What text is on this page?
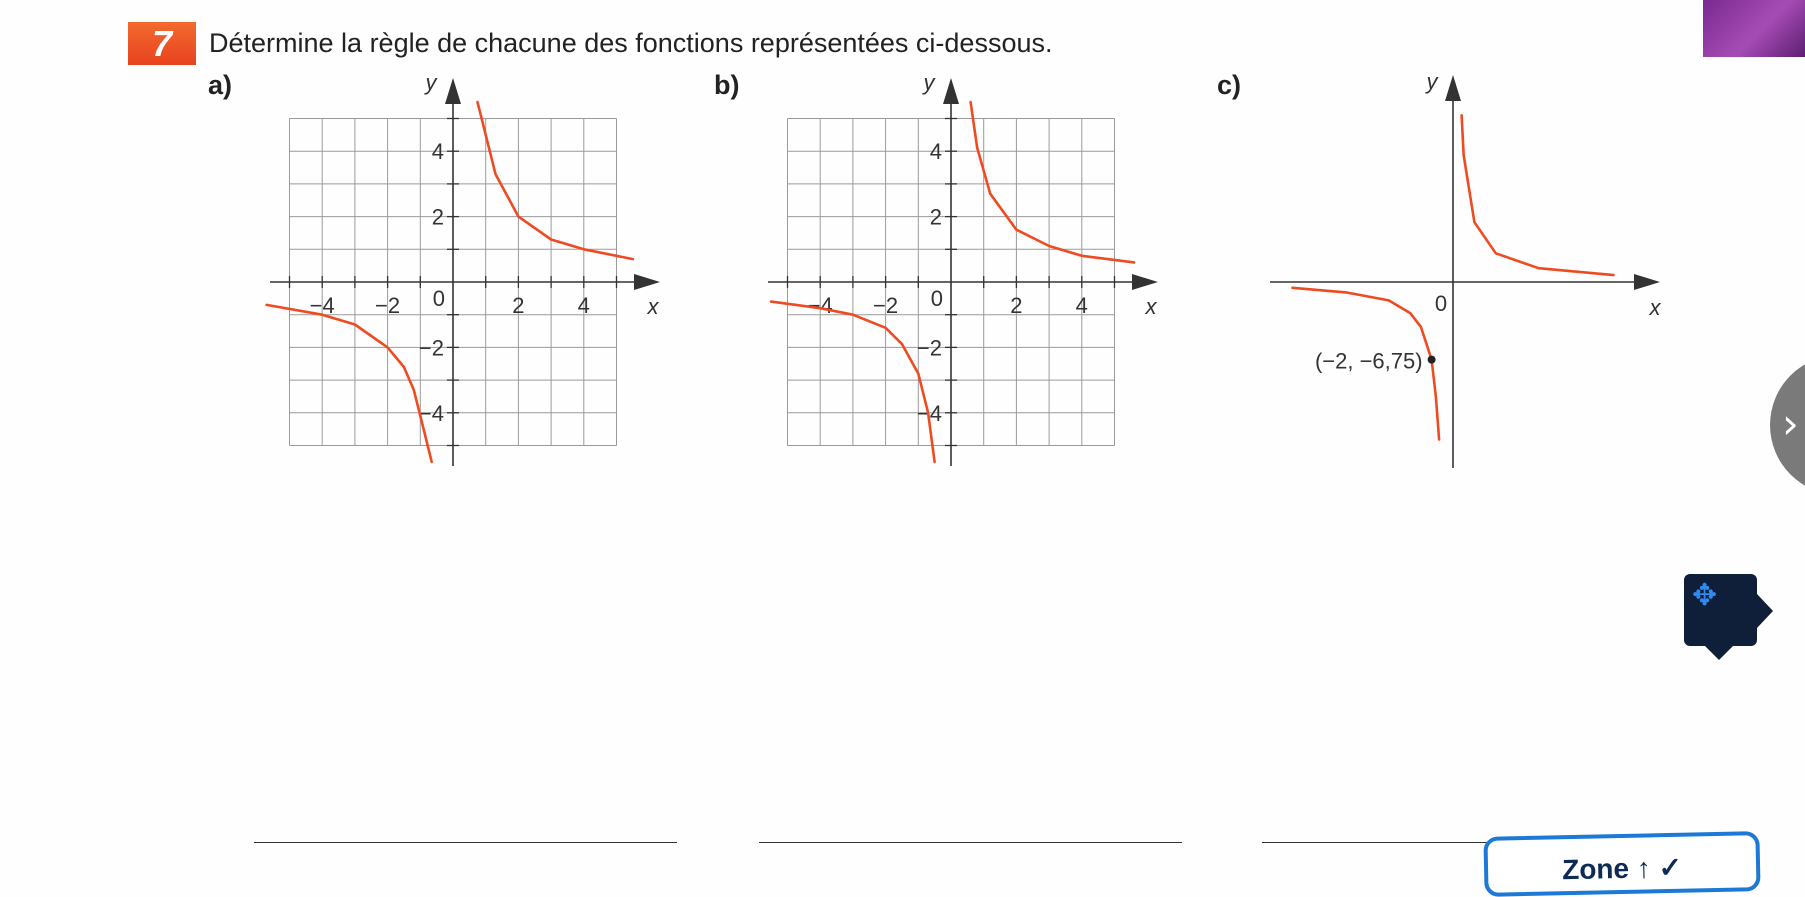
7 Détermine la règle de chacune des fonctions représentées ci-dessous.
a)	b)	c)
−4 −2	2 4
4
2
−2
−4
0	x
y
−4 −2	2 4
4
2
−2
−4
0	x
y
0	x
y
(−2, −6,75)
›
✥
Zone ↑ ✓
